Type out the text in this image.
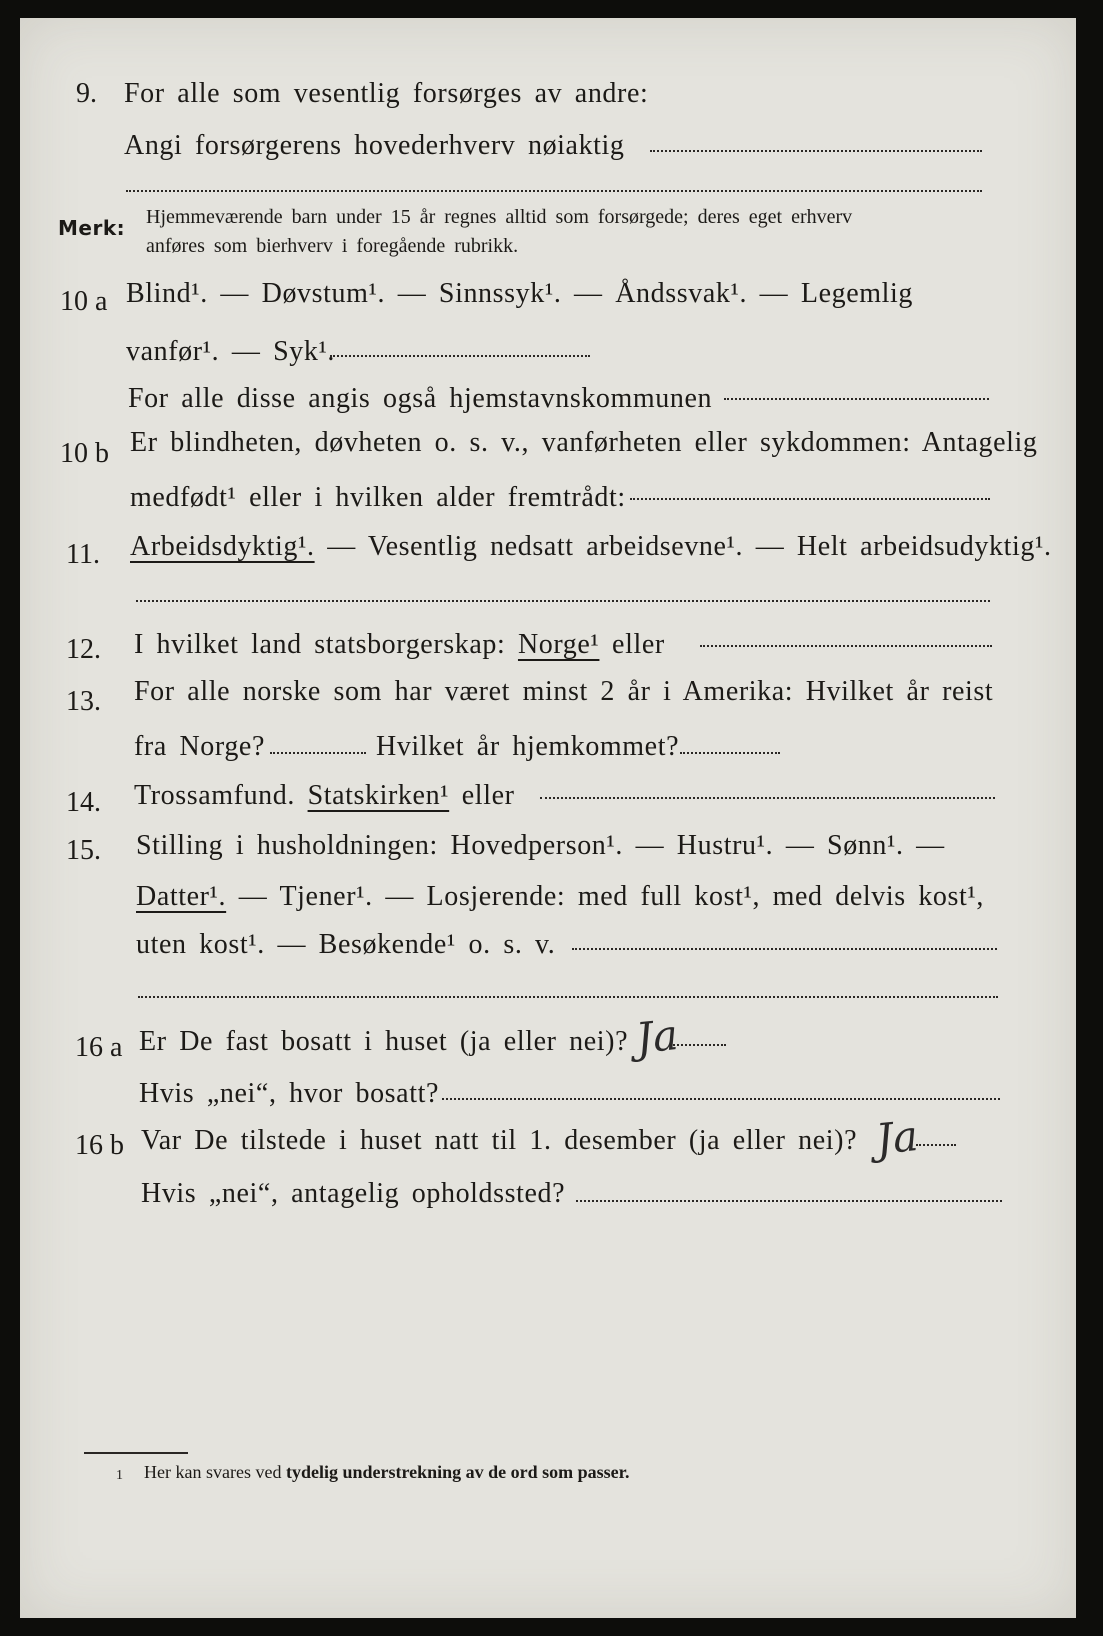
9. For alle som vesentlig forsørges av andre:
Angi forsørgerens hovederhverv nøiaktig
Merk: Hjemmeværende barn under 15 år regnes alltid som forsørgede; deres eget erhverv
anføres som bierhverv i foregående rubrikk.
10 a Blind¹. — Døvstum¹. — Sinnssyk¹. — Åndssvak¹. — Legemlig
vanfør¹. — Syk¹.
For alle disse angis også hjemstavnskommunen
10 b Er blindheten, døvheten o. s. v., vanførheten eller sykdommen: Antagelig
medfødt¹ eller i hvilken alder fremtrådt:
11. Arbeidsdyktig¹. — Vesentlig nedsatt arbeidsevne¹. — Helt arbeidsudyktig¹.
12. I hvilket land statsborgerskap: Norge¹ eller
13. For alle norske som har været minst 2 år i Amerika: Hvilket år reist
fra Norge?	Hvilket år hjemkommet?
14. Trossamfund. Statskirken¹ eller
15. Stilling i husholdningen: Hovedperson¹. — Hustru¹. — Sønn¹. —
Datter¹. — Tjener¹. — Losjerende: med full kost¹, med delvis kost¹,
uten kost¹. — Besøkende¹ o. s. v.
16 a Er De fast bosatt i huset (ja eller nei)? Ja
Hvis „nei“, hvor bosatt?
16 b Var De tilstede i huset natt til 1. desember (ja eller nei)? Ja
Hvis „nei“, antagelig opholdssted?
1 Her kan svares ved tydelig understrekning av de ord som passer.
